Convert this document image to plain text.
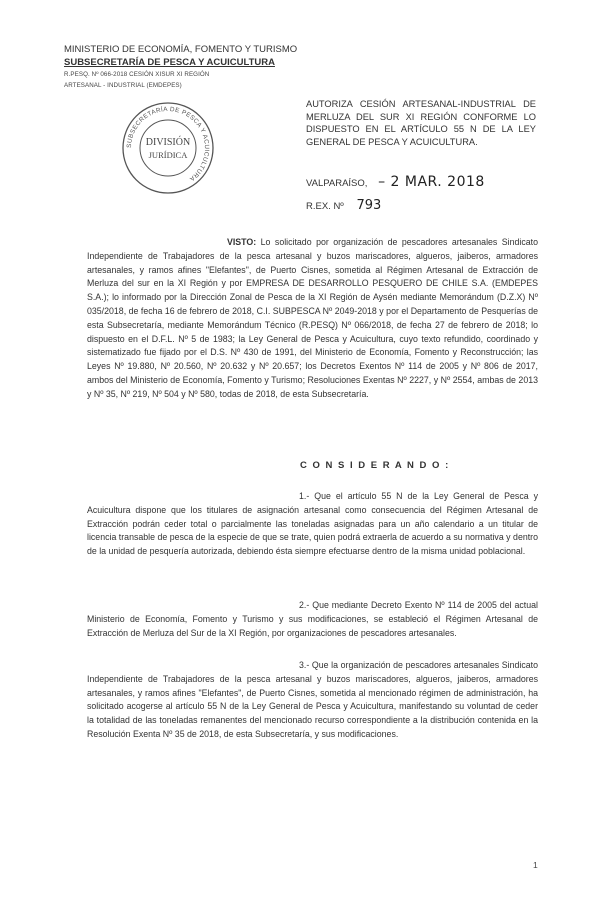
MINISTERIO DE ECONOMÍA, FOMENTO Y TURISMO
SUBSECRETARÍA DE PESCA Y ACUICULTURA
R.PESQ. Nº 066-2018 CESIÓN XISUR XI REGIÓN
ARTESANAL - INDUSTRIAL (EMDEPES)
DIVISIÓN
JURÍDICA
SUBSECRETARÍA DE PESCA Y ACUICULTURA
AUTORIZA CESIÓN ARTESANAL-INDUSTRIAL DE MERLUZA DEL SUR XI REGIÓN CONFORME LO DISPUESTO EN EL ARTÍCULO 55 N DE LA LEY GENERAL DE PESCA Y ACUICULTURA.
VALPARAÍSO, – 2 MAR. 2018
R.EX. Nº 793
VISTO: Lo solicitado por organización de pescadores artesanales Sindicato Independiente de Trabajadores de la pesca artesanal y buzos mariscadores, algueros, jaiberos, armadores artesanales, y ramos afines "Elefantes", de Puerto Cisnes, sometida al Régimen Artesanal de Extracción de Merluza del sur en la XI Región y por EMPRESA DE DESARROLLO PESQUERO DE CHILE S.A. (EMDEPES S.A.); lo informado por la Dirección Zonal de Pesca de la XI Región de Aysén mediante Memorándum (D.Z.X) Nº 035/2018, de fecha 16 de febrero de 2018, C.I. SUBPESCA Nº 2049-2018 y por el Departamento de Pesquerías de esta Subsecretaría, mediante Memorándum Técnico (R.PESQ) Nº 066/2018, de fecha 27 de febrero de 2018; lo dispuesto en el D.F.L. Nº 5 de 1983; la Ley General de Pesca y Acuicultura, cuyo texto refundido, coordinado y sistematizado fue fijado por el D.S. Nº 430 de 1991, del Ministerio de Economía, Fomento y Reconstrucción; las Leyes Nº 19.880, Nº 20.560, Nº 20.632 y Nº 20.657; los Decretos Exentos Nº 114 de 2005 y Nº 806 de 2017, ambos del Ministerio de Economía, Fomento y Turismo; Resoluciones Exentas Nº 2227, y Nº 2554, ambas de 2013 y Nº 35, Nº 219, Nº 504 y Nº 580, todas de 2018, de esta Subsecretaría.
C O N S I D E R A N D O :
1.- Que el artículo 55 N de la Ley General de Pesca y Acuicultura dispone que los titulares de asignación artesanal como consecuencia del Régimen Artesanal de Extracción podrán ceder total o parcialmente las toneladas asignadas para un año calendario a un titular de licencia transable de pesca de la especie de que se trate, quien podrá extraerla de acuerdo a su normativa y dentro de la unidad de pesquería autorizada, debiendo ésta siempre efectuarse dentro de la misma unidad poblacional.
2.- Que mediante Decreto Exento Nº 114 de 2005 del actual Ministerio de Economía, Fomento y Turismo y sus modificaciones, se estableció el Régimen Artesanal de Extracción de Merluza del Sur de la XI Región, por organizaciones de pescadores artesanales.
3.- Que la organización de pescadores artesanales Sindicato Independiente de Trabajadores de la pesca artesanal y buzos mariscadores, algueros, jaiberos, armadores artesanales, y ramos afines "Elefantes", de Puerto Cisnes, sometida al mencionado régimen de administración, ha solicitado acogerse al artículo 55 N de la Ley General de Pesca y Acuicultura, manifestando su voluntad de ceder la totalidad de las toneladas remanentes del mencionado recurso correspondiente a la distribución contenida en la Resolución Exenta Nº 35 de 2018, de esta Subsecretaría, y sus modificaciones.
1
